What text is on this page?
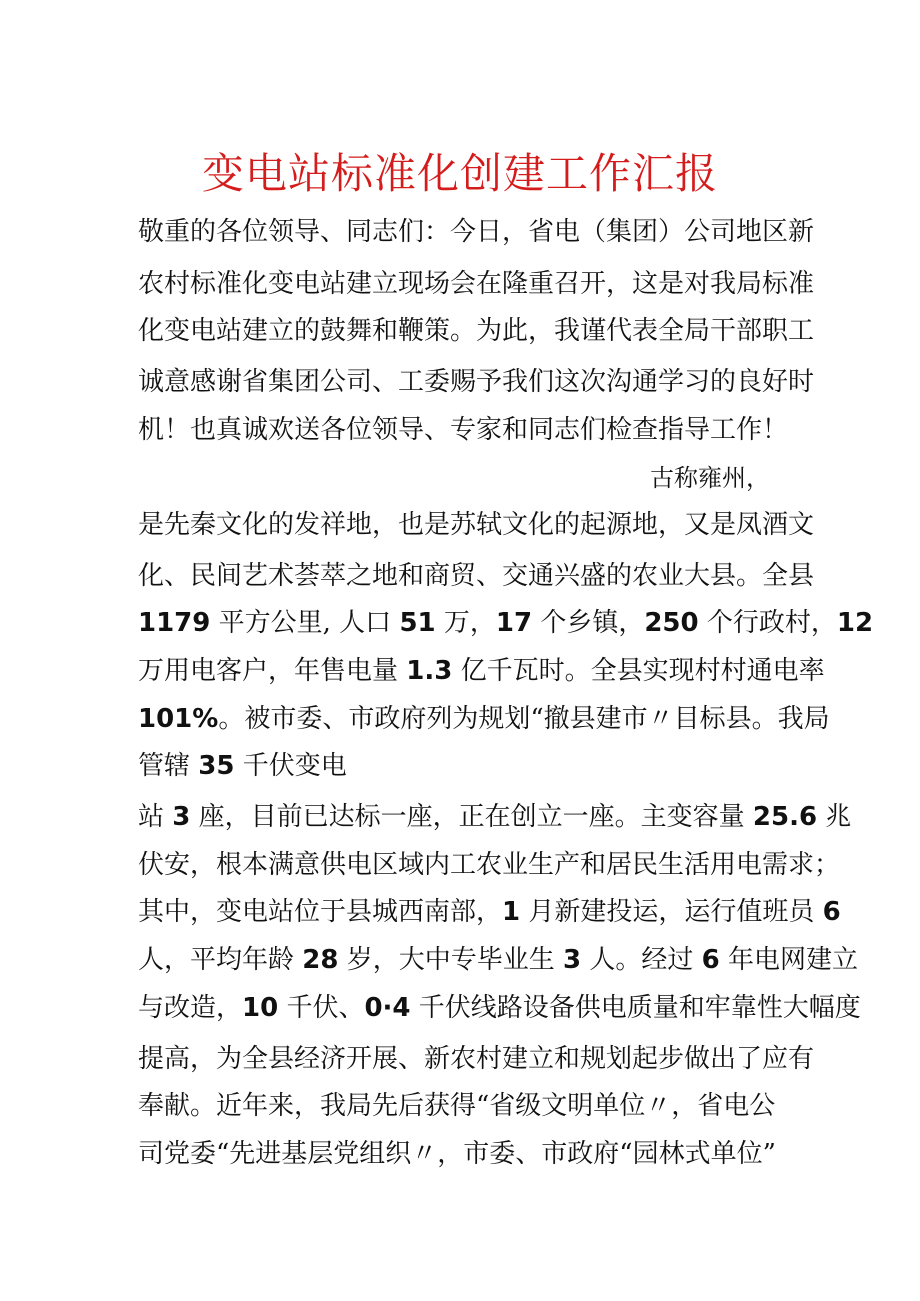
变电站标准化创建工作汇报
敬重的各位领导、同志们：今日，省电（集团）公司地区新
农村标准化变电站建立现场会在隆重召开，这是对我局标准
化变电站建立的鼓舞和鞭策。为此，我谨代表全局干部职工
诚意感谢省集团公司、工委赐予我们这次沟通学习的良好时
机！也真诚欢送各位领导、专家和同志们检查指导工作！
古称雍州，
是先秦文化的发祥地，也是苏轼文化的起源地，又是凤酒文
化、民间艺术荟萃之地和商贸、交通兴盛的农业大县。全县
1179 平方公里, 人口 51 万，17 个乡镇，250 个行政村，12
万用电客户，年售电量 1.3 亿千瓦时。全县实现村村通电率
101%。被市委、市政府列为规划“撤县建市〃目标县。我局
管辖 35 千伏变电
站 3 座，目前已达标一座，正在创立一座。主变容量 25.6 兆
伏安，根本满意供电区域内工农业生产和居民生活用电需求；
其中，变电站位于县城西南部，1 月新建投运，运行值班员 6
人，平均年龄 28 岁，大中专毕业生 3 人。经过 6 年电网建立
与改造，10 千伏、0·4 千伏线路设备供电质量和牢靠性大幅度
提高，为全县经济开展、新农村建立和规划起步做出了应有
奉献。近年来，我局先后获得“省级文明单位〃，省电公
司党委“先进基层党组织〃，市委、市政府“园林式单位”
